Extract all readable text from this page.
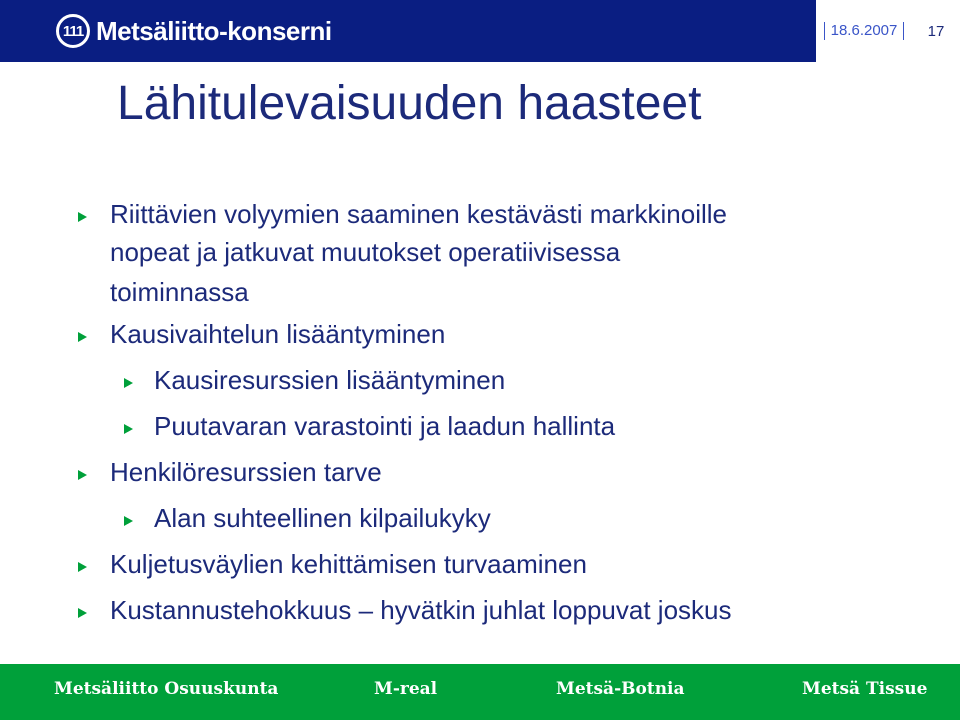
111 Metsäliitto-konserni	18.6.2007	17
Lähitulevaisuuden haasteet
Riittävien volyymien saaminen kestävästi markkinoille
nopeat ja jatkuvat muutokset operatiivisessa
toiminnassa
Kausivaihtelun lisääntyminen
Kausiresurssien lisääntyminen
Puutavaran varastointi ja laadun hallinta
Henkilöresurssien tarve
Alan suhteellinen kilpailukyky
Kuljetusväylien kehittämisen turvaaminen
Kustannustehokkuus – hyvätkin juhlat loppuvat joskus
Metsäliitto Osuuskunta	M-real	Metsä-Botnia	Metsä Tissue
